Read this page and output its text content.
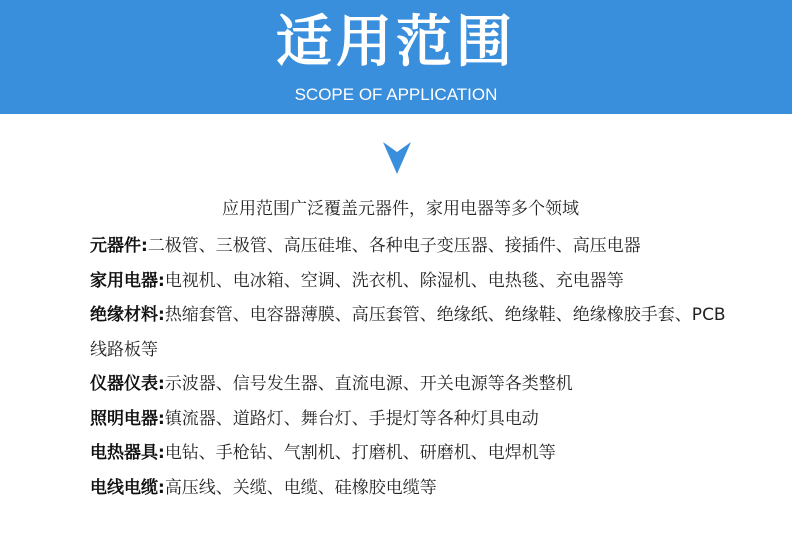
适用范围
SCOPE OF APPLICATION
应用范围广泛覆盖元器件，家用电器等多个领域

元器件:二极管、三极管、高压硅堆、各种电子变压器、接插件、高压电器

家用电器:电视机、电冰箱、空调、洗衣机、除湿机、电热毯、充电器等

绝缘材料:热缩套管、电容器薄膜、高压套管、绝缘纸、绝缘鞋、绝缘橡胶手套、PCB线路板等

仪器仪表:示波器、信号发生器、直流电源、开关电源等各类整机

照明电器:镇流器、道路灯、舞台灯、手提灯等各种灯具电动

电热器具:电钻、手枪钻、气割机、打磨机、研磨机、电焊机等

电线电缆:高压线、关缆、电缆、硅橡胶电缆等
